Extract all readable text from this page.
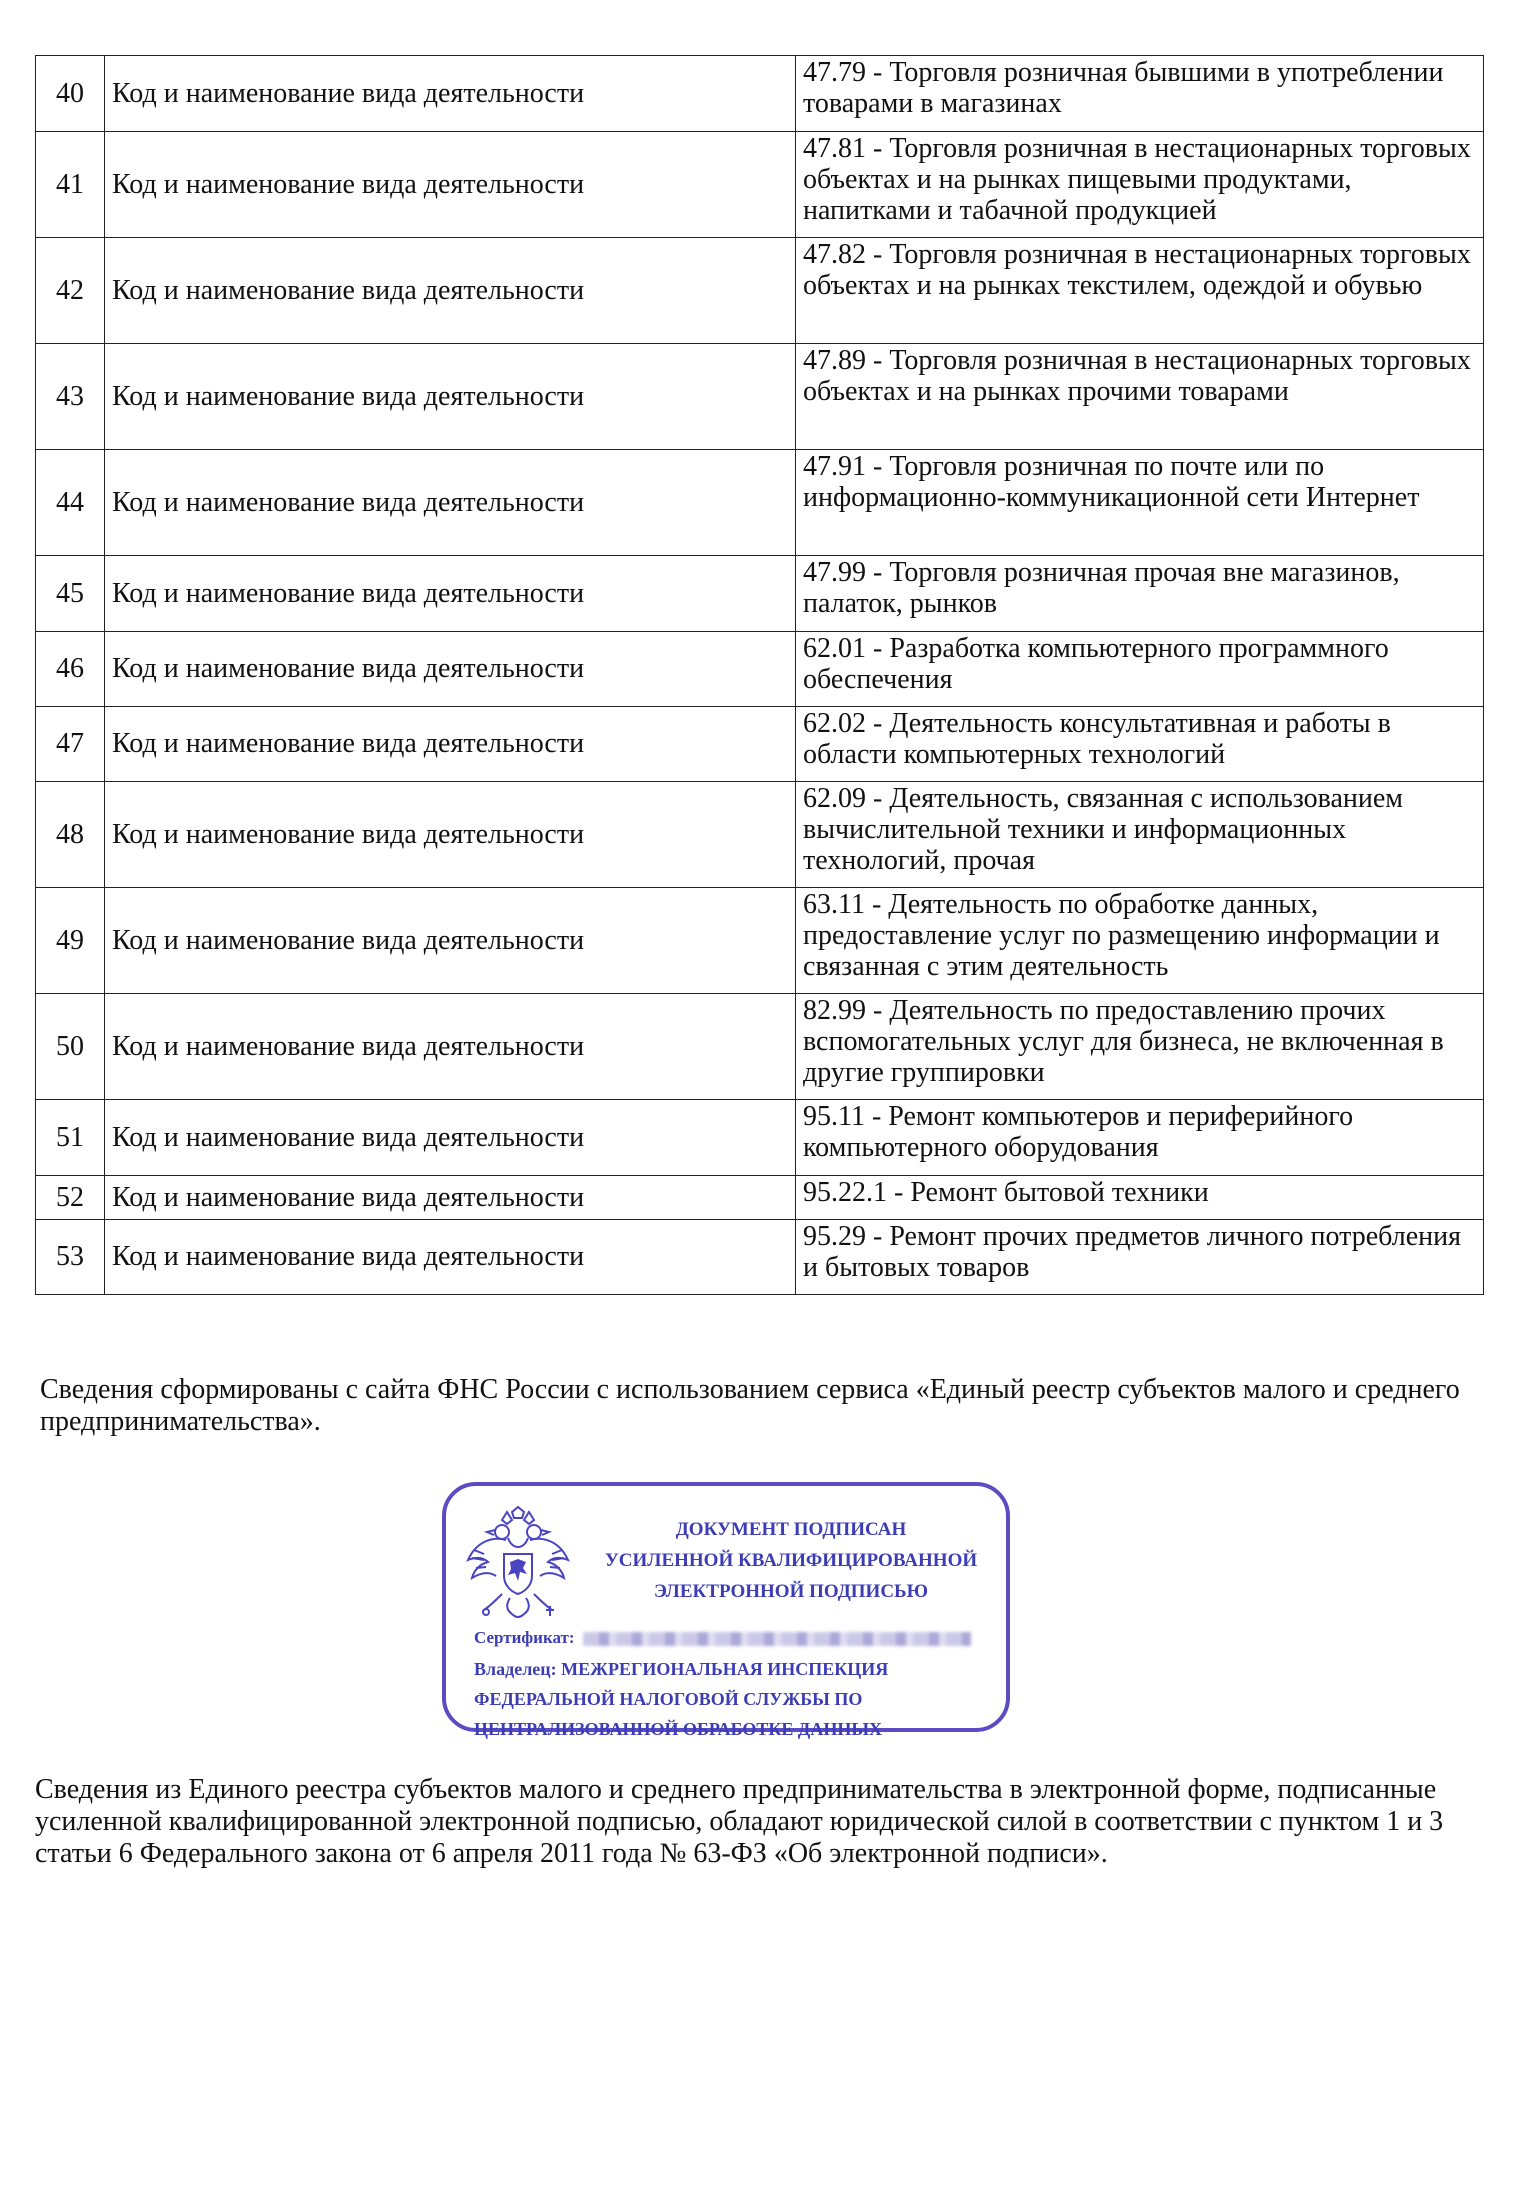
40	Код и наименование вида деятельности	47.79 - Торговля розничная бывшими в употреблении товарами в магазинах
41	Код и наименование вида деятельности	47.81 - Торговля розничная в нестационарных торговых объектах и на рынках пищевыми продуктами, напитками и табачной продукцией
42	Код и наименование вида деятельности	47.82 - Торговля розничная в нестационарных торговых объектах и на рынках текстилем, одеждой и обувью
43	Код и наименование вида деятельности	47.89 - Торговля розничная в нестационарных торговых объектах и на рынках прочими товарами
44	Код и наименование вида деятельности	47.91 - Торговля розничная по почте или по информационно-коммуникационной сети Интернет
45	Код и наименование вида деятельности	47.99 - Торговля розничная прочая вне магазинов, палаток, рынков
46	Код и наименование вида деятельности	62.01 - Разработка компьютерного программного обеспечения
47	Код и наименование вида деятельности	62.02 - Деятельность консультативная и работы в области компьютерных технологий
48	Код и наименование вида деятельности	62.09 - Деятельность, связанная с использованием вычислительной техники и информационных технологий, прочая
49	Код и наименование вида деятельности	63.11 - Деятельность по обработке данных, предоставление услуг по размещению информации и связанная с этим деятельность
50	Код и наименование вида деятельности	82.99 - Деятельность по предоставлению прочих вспомогательных услуг для бизнеса, не включенная в другие группировки
51	Код и наименование вида деятельности	95.11 - Ремонт компьютеров и периферийного компьютерного оборудования
52	Код и наименование вида деятельности	95.22.1 - Ремонт бытовой техники
53	Код и наименование вида деятельности	95.29 - Ремонт прочих предметов личного потребления и бытовых товаров
Сведения сформированы с сайта ФНС России с использованием сервиса «Единый реестр субъектов малого и среднего предпринимательства».
ДОКУМЕНТ ПОДПИСАН
УСИЛЕННОЙ КВАЛИФИЦИРОВАННОЙ
ЭЛЕКТРОННОЙ ПОДПИСЬЮ
Сертификат:
Владелец: МЕЖРЕГИОНАЛЬНАЯ ИНСПЕКЦИЯ
ФЕДЕРАЛЬНОЙ НАЛОГОВОЙ СЛУЖБЫ ПО
ЦЕНТРАЛИЗОВАННОЙ ОБРАБОТКЕ ДАННЫХ
Сведения из Единого реестра субъектов малого и среднего предпринимательства в электронной форме, подписанные усиленной квалифицированной электронной подписью, обладают юридической силой в соответствии с пунктом 1 и 3 статьи 6 Федерального закона от 6 апреля 2011 года № 63-ФЗ «Об электронной подписи».
